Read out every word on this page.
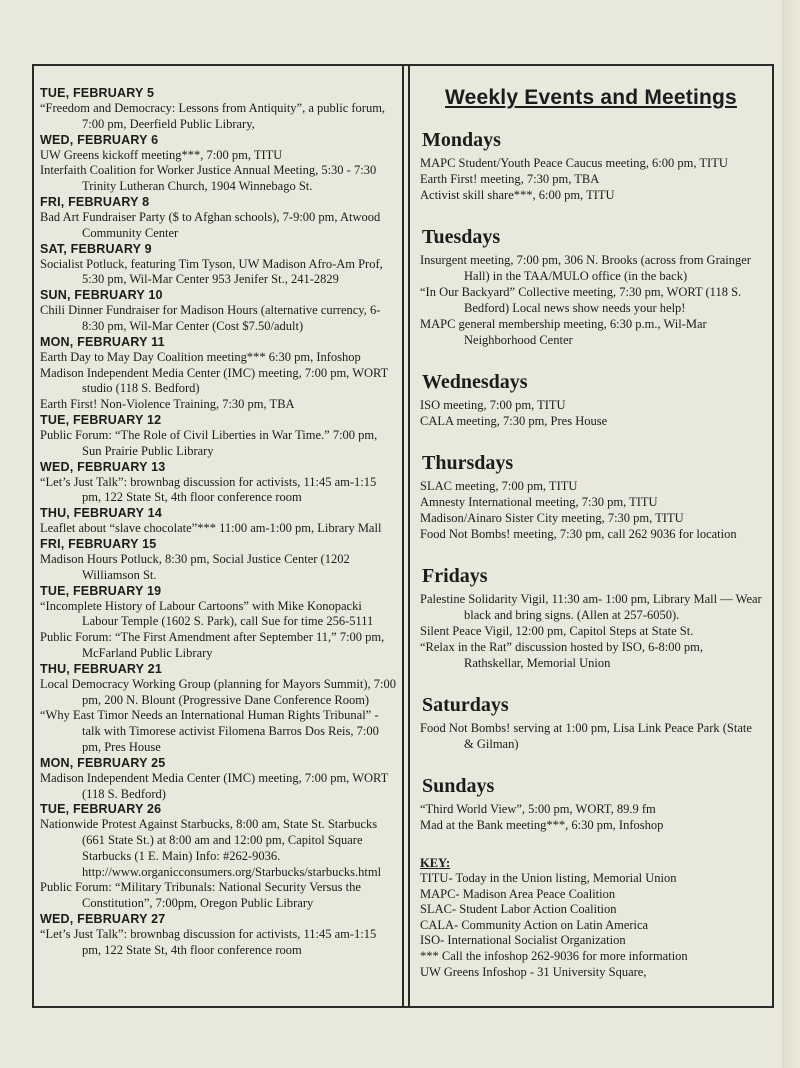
TUE, FEBRUARY 5
“Freedom and Democracy: Lessons from Antiquity”, a public forum, 7:00 pm, Deerfield Public Library,
WED, FEBRUARY 6
UW Greens kickoff meeting***, 7:00 pm, TITU
Interfaith Coalition for Worker Justice Annual Meeting, 5:30 - 7:30 Trinity Lutheran Church, 1904 Winnebago St.
FRI, FEBRUARY 8
Bad Art Fundraiser Party ($ to Afghan schools), 7-9:00 pm, Atwood Community Center
SAT, FEBRUARY 9
Socialist Potluck, featuring Tim Tyson, UW Madison Afro-Am Prof, 5:30 pm, Wil-Mar Center 953 Jenifer St., 241-2829
SUN, FEBRUARY 10
Chili Dinner Fundraiser for Madison Hours (alternative currency, 6-8:30 pm, Wil-Mar Center (Cost $7.50/adult)
MON, FEBRUARY 11
Earth Day to May Day Coalition meeting*** 6:30 pm, Infoshop
Madison Independent Media Center (IMC) meeting, 7:00 pm, WORT studio (118 S. Bedford)
Earth First! Non-Violence Training, 7:30 pm, TBA
TUE, FEBRUARY 12
Public Forum: “The Role of Civil Liberties in War Time.” 7:00 pm, Sun Prairie Public Library
WED, FEBRUARY 13
“Let’s Just Talk”: brownbag discussion for activists, 11:45 am-1:15 pm, 122 State St, 4th floor conference room
THU, FEBRUARY 14
Leaflet about “slave chocolate”*** 11:00 am-1:00 pm, Library Mall
FRI, FEBRUARY 15
Madison Hours Potluck, 8:30 pm, Social Justice Center (1202 Williamson St.
TUE, FEBRUARY 19
“Incomplete History of Labour Cartoons” with Mike Konopacki Labour Temple (1602 S. Park), call Sue for time 256-5111
Public Forum: “The First Amendment after September 11,” 7:00 pm, McFarland Public Library
THU, FEBRUARY 21
Local Democracy Working Group (planning for Mayors Summit), 7:00 pm, 200 N. Blount (Progressive Dane Conference Room)
“Why East Timor Needs an International Human Rights Tribunal” - talk with Timorese activist Filomena Barros Dos Reis, 7:00 pm, Pres House
MON, FEBRUARY 25
Madison Independent Media Center (IMC) meeting, 7:00 pm, WORT (118 S. Bedford)
TUE, FEBRUARY 26
Nationwide Protest Against Starbucks, 8:00 am, State St. Starbucks (661 State St.) at 8:00 am and 12:00 pm, Capitol Square Starbucks (1 E. Main) Info: #262-9036. http://www.organicconsumers.org/Starbucks/starbucks.html
Public Forum: “Military Tribunals: National Security Versus the Constitution”, 7:00pm, Oregon Public Library
WED, FEBRUARY 27
“Let’s Just Talk”: brownbag discussion for activists, 11:45 am-1:15 pm, 122 State St, 4th floor conference room
Weekly Events and Meetings
Mondays
MAPC Student/Youth Peace Caucus meeting, 6:00 pm, TITU
Earth First! meeting, 7:30 pm, TBA
Activist skill share***, 6:00 pm, TITU
Tuesdays
Insurgent meeting, 7:00 pm, 306 N. Brooks (across from Grainger Hall) in the TAA/MULO office (in the back)
“In Our Backyard” Collective meeting, 7:30 pm, WORT (118 S. Bedford) Local news show needs your help!
MAPC general membership meeting, 6:30 p.m., Wil-Mar Neighborhood Center
Wednesdays
ISO meeting, 7:00 pm, TITU
CALA meeting, 7:30 pm, Pres House
Thursdays
SLAC meeting, 7:00 pm, TITU
Amnesty International meeting, 7:30 pm, TITU
Madison/Ainaro Sister City meeting, 7:30 pm, TITU
Food Not Bombs! meeting, 7:30 pm, call 262 9036 for location
Fridays
Palestine Solidarity Vigil, 11:30 am- 1:00 pm, Library Mall — Wear black and bring signs. (Allen at 257-6050).
Silent Peace Vigil, 12:00 pm, Capitol Steps at State St.
“Relax in the Rat” discussion hosted by ISO, 6-8:00 pm, Rathskellar, Memorial Union
Saturdays
Food Not Bombs! serving at 1:00 pm, Lisa Link Peace Park (State & Gilman)
Sundays
“Third World View”, 5:00 pm, WORT, 89.9 fm
Mad at the Bank meeting***, 6:30 pm, Infoshop
KEY:
TITU- Today in the Union listing, Memorial Union
MAPC- Madison Area Peace Coalition
SLAC- Student Labor Action Coalition
CALA- Community Action on Latin America
ISO- International Socialist Organization
*** Call the infoshop 262-9036 for more information
UW Greens Infoshop - 31 University Square,
